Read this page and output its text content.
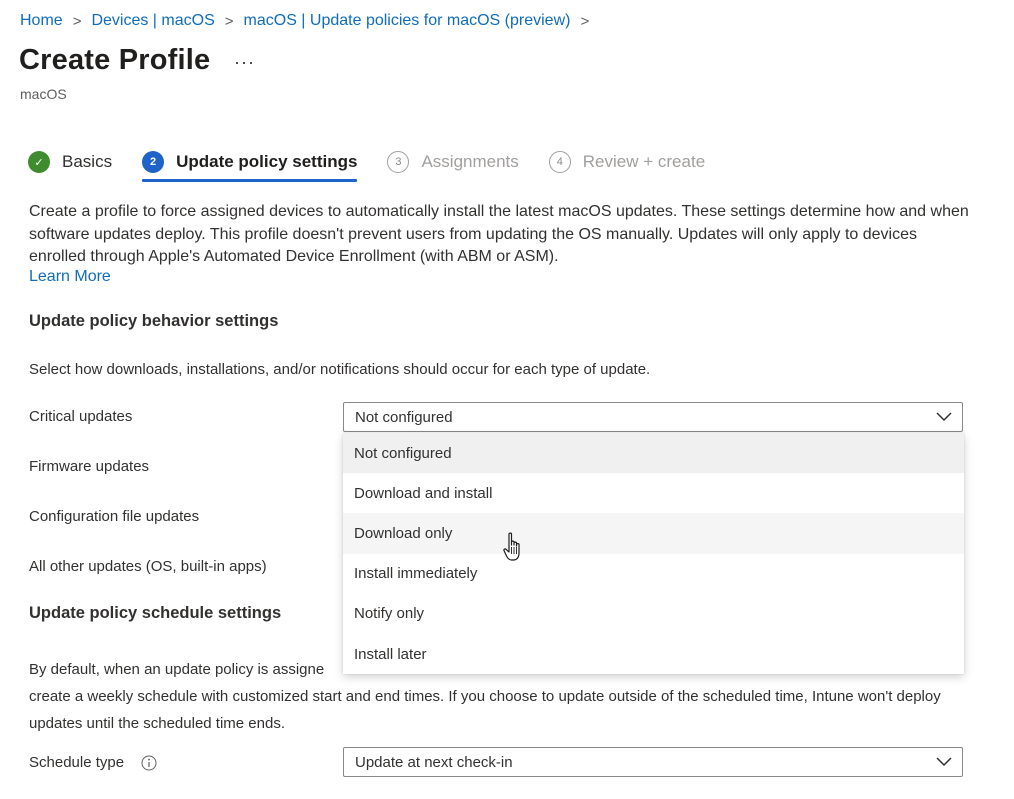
Home > Devices | macOS > macOS | Update policies for macOS (preview) >
Create Profile ···
macOS
✓	Basics	2	Update policy settings	3	Assignments	4	Review + create
Create a profile to force assigned devices to automatically install the latest macOS updates. These settings determine how and when software updates deploy. This profile doesn't prevent users from updating the OS manually. Updates will only apply to devices enrolled through Apple's Automated Device Enrollment (with ABM or ASM).
Learn More
Update policy behavior settings
Select how downloads, installations, and/or notifications should occur for each type of update.
Critical updates	Not configured
Firmware updates
Configuration file updates
All other updates (OS, built-in apps)
Update policy schedule settings
By default, when an update policy is assigne
create a weekly schedule with customized start and end times. If you choose to update outside of the scheduled time, Intune won't deploy updates until the scheduled time ends.
Not configured
Download and install
Download only
Install immediately
Notify only
Install later
Schedule type	Update at next check-in
